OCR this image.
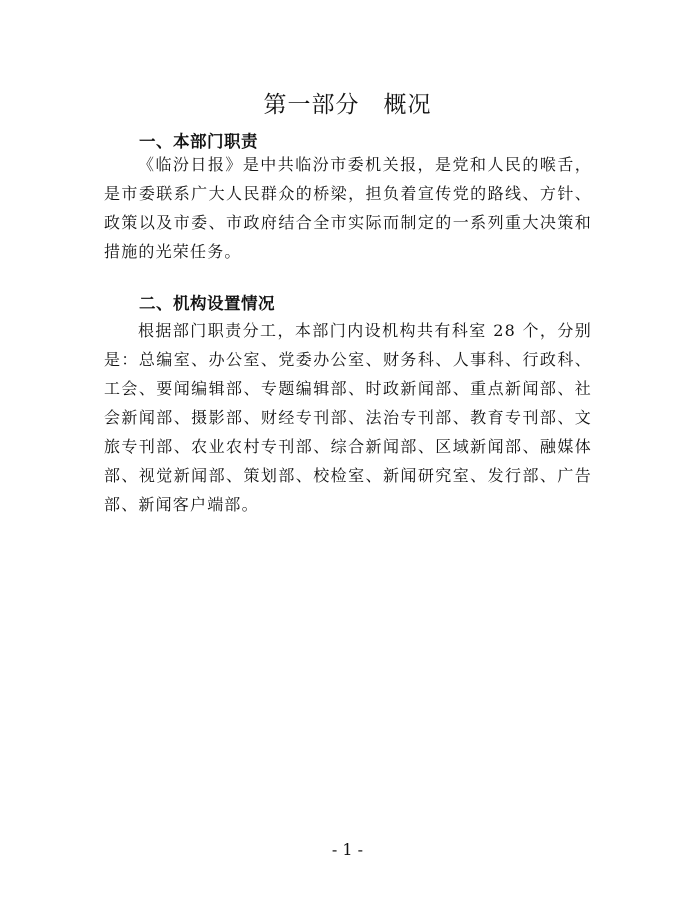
第一部分　概况
一、本部门职责

《临汾日报》是中共临汾市委机关报，是党和人民的喉舌，是市委联系广大人民群众的桥梁，担负着宣传党的路线、方针、政策以及市委、市政府结合全市实际而制定的一系列重大决策和措施的光荣任务。

二、机构设置情况

根据部门职责分工，本部门内设机构共有科室 28 个，分别是：总编室、办公室、党委办公室、财务科、人事科、行政科、工会、要闻编辑部、专题编辑部、时政新闻部、重点新闻部、社会新闻部、摄影部、财经专刊部、法治专刊部、教育专刊部、文旅专刊部、农业农村专刊部、综合新闻部、区域新闻部、融媒体部、视觉新闻部、策划部、校检室、新闻研究室、发行部、广告部、新闻客户端部。

- 1 -
